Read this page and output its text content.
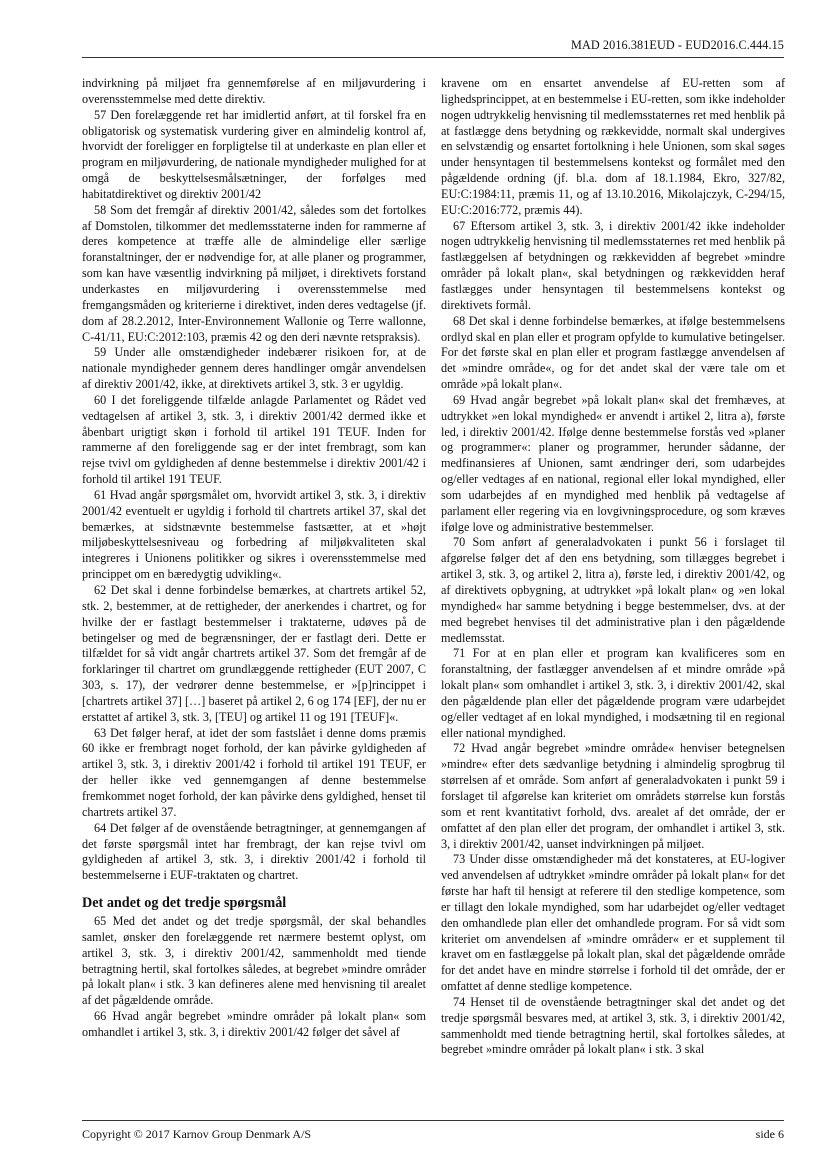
MAD 2016.381EUD - EUD2016.C.444.15

indvirkning på miljøet fra gennemførelse af en miljøvurdering i overensstemmelse med dette direktiv.

57 Den forelæggende ret har imidlertid anført, at til forskel fra en obligatorisk og systematisk vurdering giver en almindelig kontrol af, hvorvidt der foreligger en forpligtelse til at underkaste en plan eller et program en miljøvurdering, de nationale myndigheder mulighed for at omgå de beskyttelsesmålsætninger, der forfølges med habitatdirektivet og direktiv 2001/42

58 Som det fremgår af direktiv 2001/42, således som det fortolkes af Domstolen, tilkommer det medlemsstaterne inden for rammerne af deres kompetence at træffe alle de almindelige eller særlige foranstaltninger, der er nødvendige for, at alle planer og programmer, som kan have væsentlig indvirkning på miljøet, i direktivets forstand underkastes en miljøvurdering i overensstemmelse med fremgangsmåden og kriterierne i direktivet, inden deres vedtagelse (jf. dom af 28.2.2012, Inter-Environnement Wallonie og Terre wallonne, C-41/11, EU:C:2012:103, præmis 42 og den deri nævnte retspraksis).

59 Under alle omstændigheder indebærer risikoen for, at de nationale myndigheder gennem deres handlinger omgår anvendelsen af direktiv 2001/42, ikke, at direktivets artikel 3, stk. 3 er ugyldig.

60 I det foreliggende tilfælde anlagde Parlamentet og Rådet ved vedtagelsen af artikel 3, stk. 3, i direktiv 2001/42 dermed ikke et åbenbart urigtigt skøn i forhold til artikel 191 TEUF. Inden for rammerne af den foreliggende sag er der intet frembragt, som kan rejse tvivl om gyldigheden af denne bestemmelse i direktiv 2001/42 i forhold til artikel 191 TEUF.

61 Hvad angår spørgsmålet om, hvorvidt artikel 3, stk. 3, i direktiv 2001/42 eventuelt er ugyldig i forhold til chartrets artikel 37, skal det bemærkes, at sidstnævnte bestemmelse fastsætter, at et »højt miljøbeskyttelsesniveau og forbedring af miljøkvaliteten skal integreres i Unionens politikker og sikres i overensstemmelse med princippet om en bæredygtig udvikling«.

62 Det skal i denne forbindelse bemærkes, at chartrets artikel 52, stk. 2, bestemmer, at de rettigheder, der anerkendes i chartret, og for hvilke der er fastlagt bestemmelser i traktaterne, udøves på de betingelser og med de begrænsninger, der er fastlagt deri. Dette er tilfældet for så vidt angår chartrets artikel 37. Som det fremgår af de forklaringer til chartret om grundlæggende rettigheder (EUT 2007, C 303, s. 17), der vedrører denne bestemmelse, er »[p]rincippet i [chartrets artikel 37] […] baseret på artikel 2, 6 og 174 [EF], der nu er erstattet af artikel 3, stk. 3, [TEU] og artikel 11 og 191 [TEUF]«.

63 Det følger heraf, at idet der som fastslået i denne doms præmis 60 ikke er frembragt noget forhold, der kan påvirke gyldigheden af artikel 3, stk. 3, i direktiv 2001/42 i forhold til artikel 191 TEUF, er der heller ikke ved gennemgangen af denne bestemmelse fremkommet noget forhold, der kan påvirke dens gyldighed, henset til chartrets artikel 37.

64 Det følger af de ovenstående betragtninger, at gennemgangen af det første spørgsmål intet har frembragt, der kan rejse tvivl om gyldigheden af artikel 3, stk. 3, i direktiv 2001/42 i forhold til bestemmelserne i EUF-traktaten og chartret.

Det andet og det tredje spørgsmål

65 Med det andet og det tredje spørgsmål, der skal behandles samlet, ønsker den forelæggende ret nærmere bestemt oplyst, om artikel 3, stk. 3, i direktiv 2001/42, sammenholdt med tiende betragtning hertil, skal fortolkes således, at begrebet »mindre områder på lokalt plan« i stk. 3 kan defineres alene med henvisning til arealet af det pågældende område.

66 Hvad angår begrebet »mindre områder på lokalt plan« som omhandlet i artikel 3, stk. 3, i direktiv 2001/42 følger det såvel af

kravene om en ensartet anvendelse af EU-retten som af lighedsprincippet, at en bestemmelse i EU-retten, som ikke indeholder nogen udtrykkelig henvisning til medlemsstaternes ret med henblik på at fastlægge dens betydning og rækkevidde, normalt skal undergives en selvstændig og ensartet fortolkning i hele Unionen, som skal søges under hensyntagen til bestemmelsens kontekst og formålet med den pågældende ordning (jf. bl.a. dom af 18.1.1984, Ekro, 327/82, EU:C:1984:11, præmis 11, og af 13.10.2016, Mikolajczyk, C-294/15, EU:C:2016:772, præmis 44).

67 Eftersom artikel 3, stk. 3, i direktiv 2001/42 ikke indeholder nogen udtrykkelig henvisning til medlemsstaternes ret med henblik på fastlæggelsen af betydningen og rækkevidden af begrebet »mindre områder på lokalt plan«, skal betydningen og rækkevidden heraf fastlægges under hensyntagen til bestemmelsens kontekst og direktivets formål.

68 Det skal i denne forbindelse bemærkes, at ifølge bestemmelsens ordlyd skal en plan eller et program opfylde to kumulative betingelser. For det første skal en plan eller et program fastlægge anvendelsen af det »mindre område«, og for det andet skal der være tale om et område »på lokalt plan«.

69 Hvad angår begrebet »på lokalt plan« skal det fremhæves, at udtrykket »en lokal myndighed« er anvendt i artikel 2, litra a), første led, i direktiv 2001/42. Ifølge denne bestemmelse forstås ved »planer og programmer«: planer og programmer, herunder sådanne, der medfinansieres af Unionen, samt ændringer deri, som udarbejdes og/eller vedtages af en national, regional eller lokal myndighed, eller som udarbejdes af en myndighed med henblik på vedtagelse af parlament eller regering via en lovgivningsprocedure, og som kræves ifølge love og administrative bestemmelser.

70 Som anført af generaladvokaten i punkt 56 i forslaget til afgørelse følger det af den ens betydning, som tillægges begrebet i artikel 3, stk. 3, og artikel 2, litra a), første led, i direktiv 2001/42, og af direktivets opbygning, at udtrykket »på lokalt plan« og »en lokal myndighed« har samme betydning i begge bestemmelser, dvs. at der med begrebet henvises til det administrative plan i den pågældende medlemsstat.

71 For at en plan eller et program kan kvalificeres som en foranstaltning, der fastlægger anvendelsen af et mindre område »på lokalt plan« som omhandlet i artikel 3, stk. 3, i direktiv 2001/42, skal den pågældende plan eller det pågældende program være udarbejdet og/eller vedtaget af en lokal myndighed, i modsætning til en regional eller national myndighed.

72 Hvad angår begrebet »mindre område« henviser betegnelsen »mindre« efter dets sædvanlige betydning i almindelig sprogbrug til størrelsen af et område. Som anført af generaladvokaten i punkt 59 i forslaget til afgørelse kan kriteriet om områdets størrelse kun forstås som et rent kvantitativt forhold, dvs. arealet af det område, der er omfattet af den plan eller det program, der omhandlet i artikel 3, stk. 3, i direktiv 2001/42, uanset indvirkningen på miljøet.

73 Under disse omstændigheder må det konstateres, at EU-logiver ved anvendelsen af udtrykket »mindre områder på lokalt plan« for det første har haft til hensigt at referere til den stedlige kompetence, som er tillagt den lokale myndighed, som har udarbejdet og/eller vedtaget den omhandlede plan eller det omhandlede program. For så vidt som kriteriet om anvendelsen af »mindre områder« er et supplement til kravet om en fastlæggelse på lokalt plan, skal det pågældende område for det andet have en mindre størrelse i forhold til det område, der er omfattet af denne stedlige kompetence.

74 Henset til de ovenstående betragtninger skal det andet og det tredje spørgsmål besvares med, at artikel 3, stk. 3, i direktiv 2001/42, sammenholdt med tiende betragtning hertil, skal fortolkes således, at begrebet »mindre områder på lokalt plan« i stk. 3 skal

Copyright © 2017 Karnov Group Denmark A/S	side 6
